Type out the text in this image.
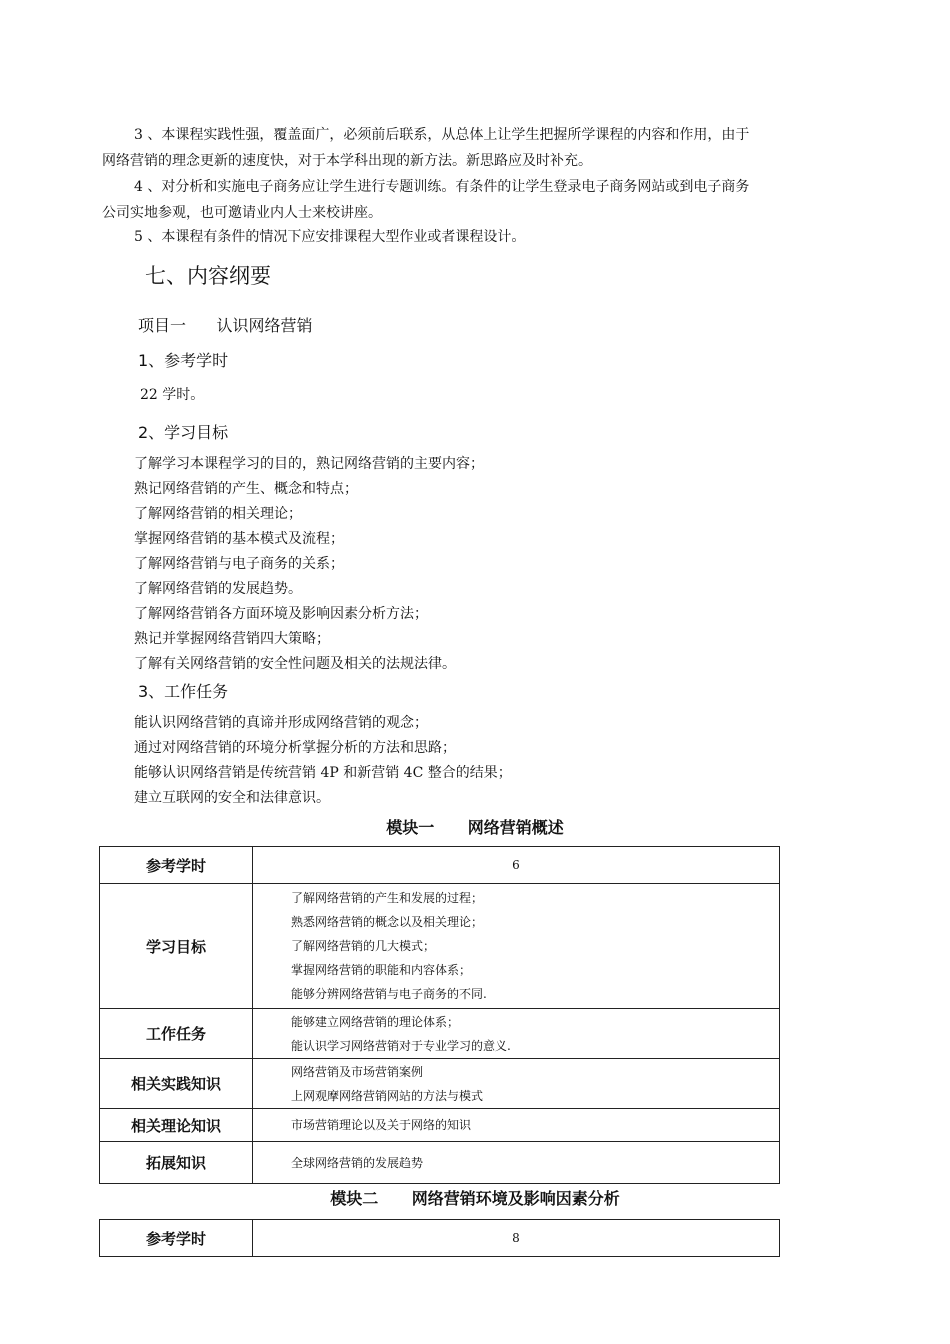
3 、本课程实践性强，覆盖面广，必须前后联系，从总体上让学生把握所学课程的内容和作用，由于
网络营销的理念更新的速度快，对于本学科出现的新方法。新思路应及时补充。
4 、对分析和实施电子商务应让学生进行专题训练。有条件的让学生登录电子商务网站或到电子商务
公司实地参观，也可邀请业内人士来校讲座。
5 、本课程有条件的情况下应安排课程大型作业或者课程设计。
七、内容纲要
项目一      认识网络营销
1、参考学时
22 学时。
2、学习目标
了解学习本课程学习的目的，熟记网络营销的主要内容；
熟记网络营销的产生、概念和特点；
了解网络营销的相关理论；
掌握网络营销的基本模式及流程；
了解网络营销与电子商务的关系；
了解网络营销的发展趋势。
了解网络营销各方面环境及影响因素分析方法；
熟记并掌握网络营销四大策略；
了解有关网络营销的安全性问题及相关的法规法律。
3、工作任务
能认识网络营销的真谛并形成网络营销的观念；
通过对网络营销的环境分析掌握分析的方法和思路；
能够认识网络营销是传统营销 4P 和新营销 4C 整合的结果；
建立互联网的安全和法律意识。
模块一      网络营销概述
参考学时	6

学习目标	了解网络营销的产生和发展的过程；
熟悉网络营销的概念以及相关理论；
了解网络营销的几大模式；
掌握网络营销的职能和内容体系；
能够分辨网络营销与电子商务的不同.

工作任务	能够建立网络营销的理论体系；
能认识学习网络营销对于专业学习的意义.

相关实践知识	网络营销及市场营销案例
上网观摩网络营销网站的方法与模式

相关理论知识	市场营销理论以及关于网络的知识

拓展知识	全球网络营销的发展趋势
模块二      网络营销环境及影响因素分析
参考学时	8
